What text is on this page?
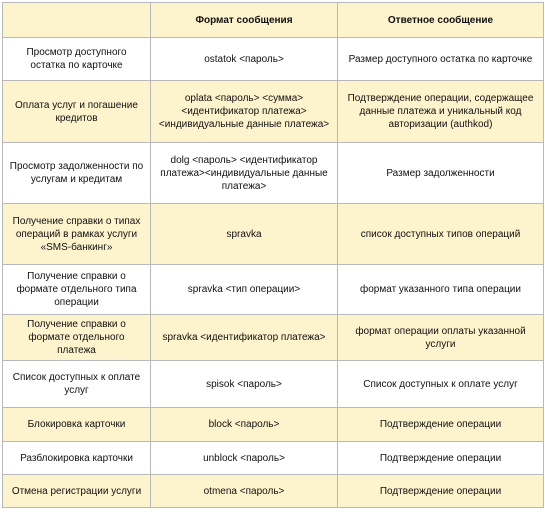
	Формат сообщения	Ответное сообщение
Просмотр доступного остатка по карточке	ostatok <пароль>	Размер доступного остатка по карточке
Оплата услуг и погашение кредитов	oplata <пароль> <сумма> <идентификатор платежа> <индивидуальные данные платежа>	Подтверждение операции, содержащее данные платежа и уникальный код авторизации (authkod)
Просмотр задолженности по услугам и кредитам	dolg <пароль> <идентификатор платежа><индивидуальные данные платежа>	Размер задолженности
Получение справки о типах операций в рамках услуги «SMS-банкинг»	spravka	список доступных типов операций
Получение справки о формате отдельного типа операции	spravka <тип операции>	формат указанного типа операции
Получение справки о формате отдельного платежа	spravka <идентификатор платежа>	формат операции оплаты указанной услуги
Список доступных к оплате услуг	spisok <пароль>	Список доступных к оплате услуг
Блокировка карточки	block <пароль>	Подтверждение операции
Разблокировка карточки	unblock <пароль>	Подтверждение операции
Отмена регистрации услуги	otmena <пароль>	Подтверждение операции
